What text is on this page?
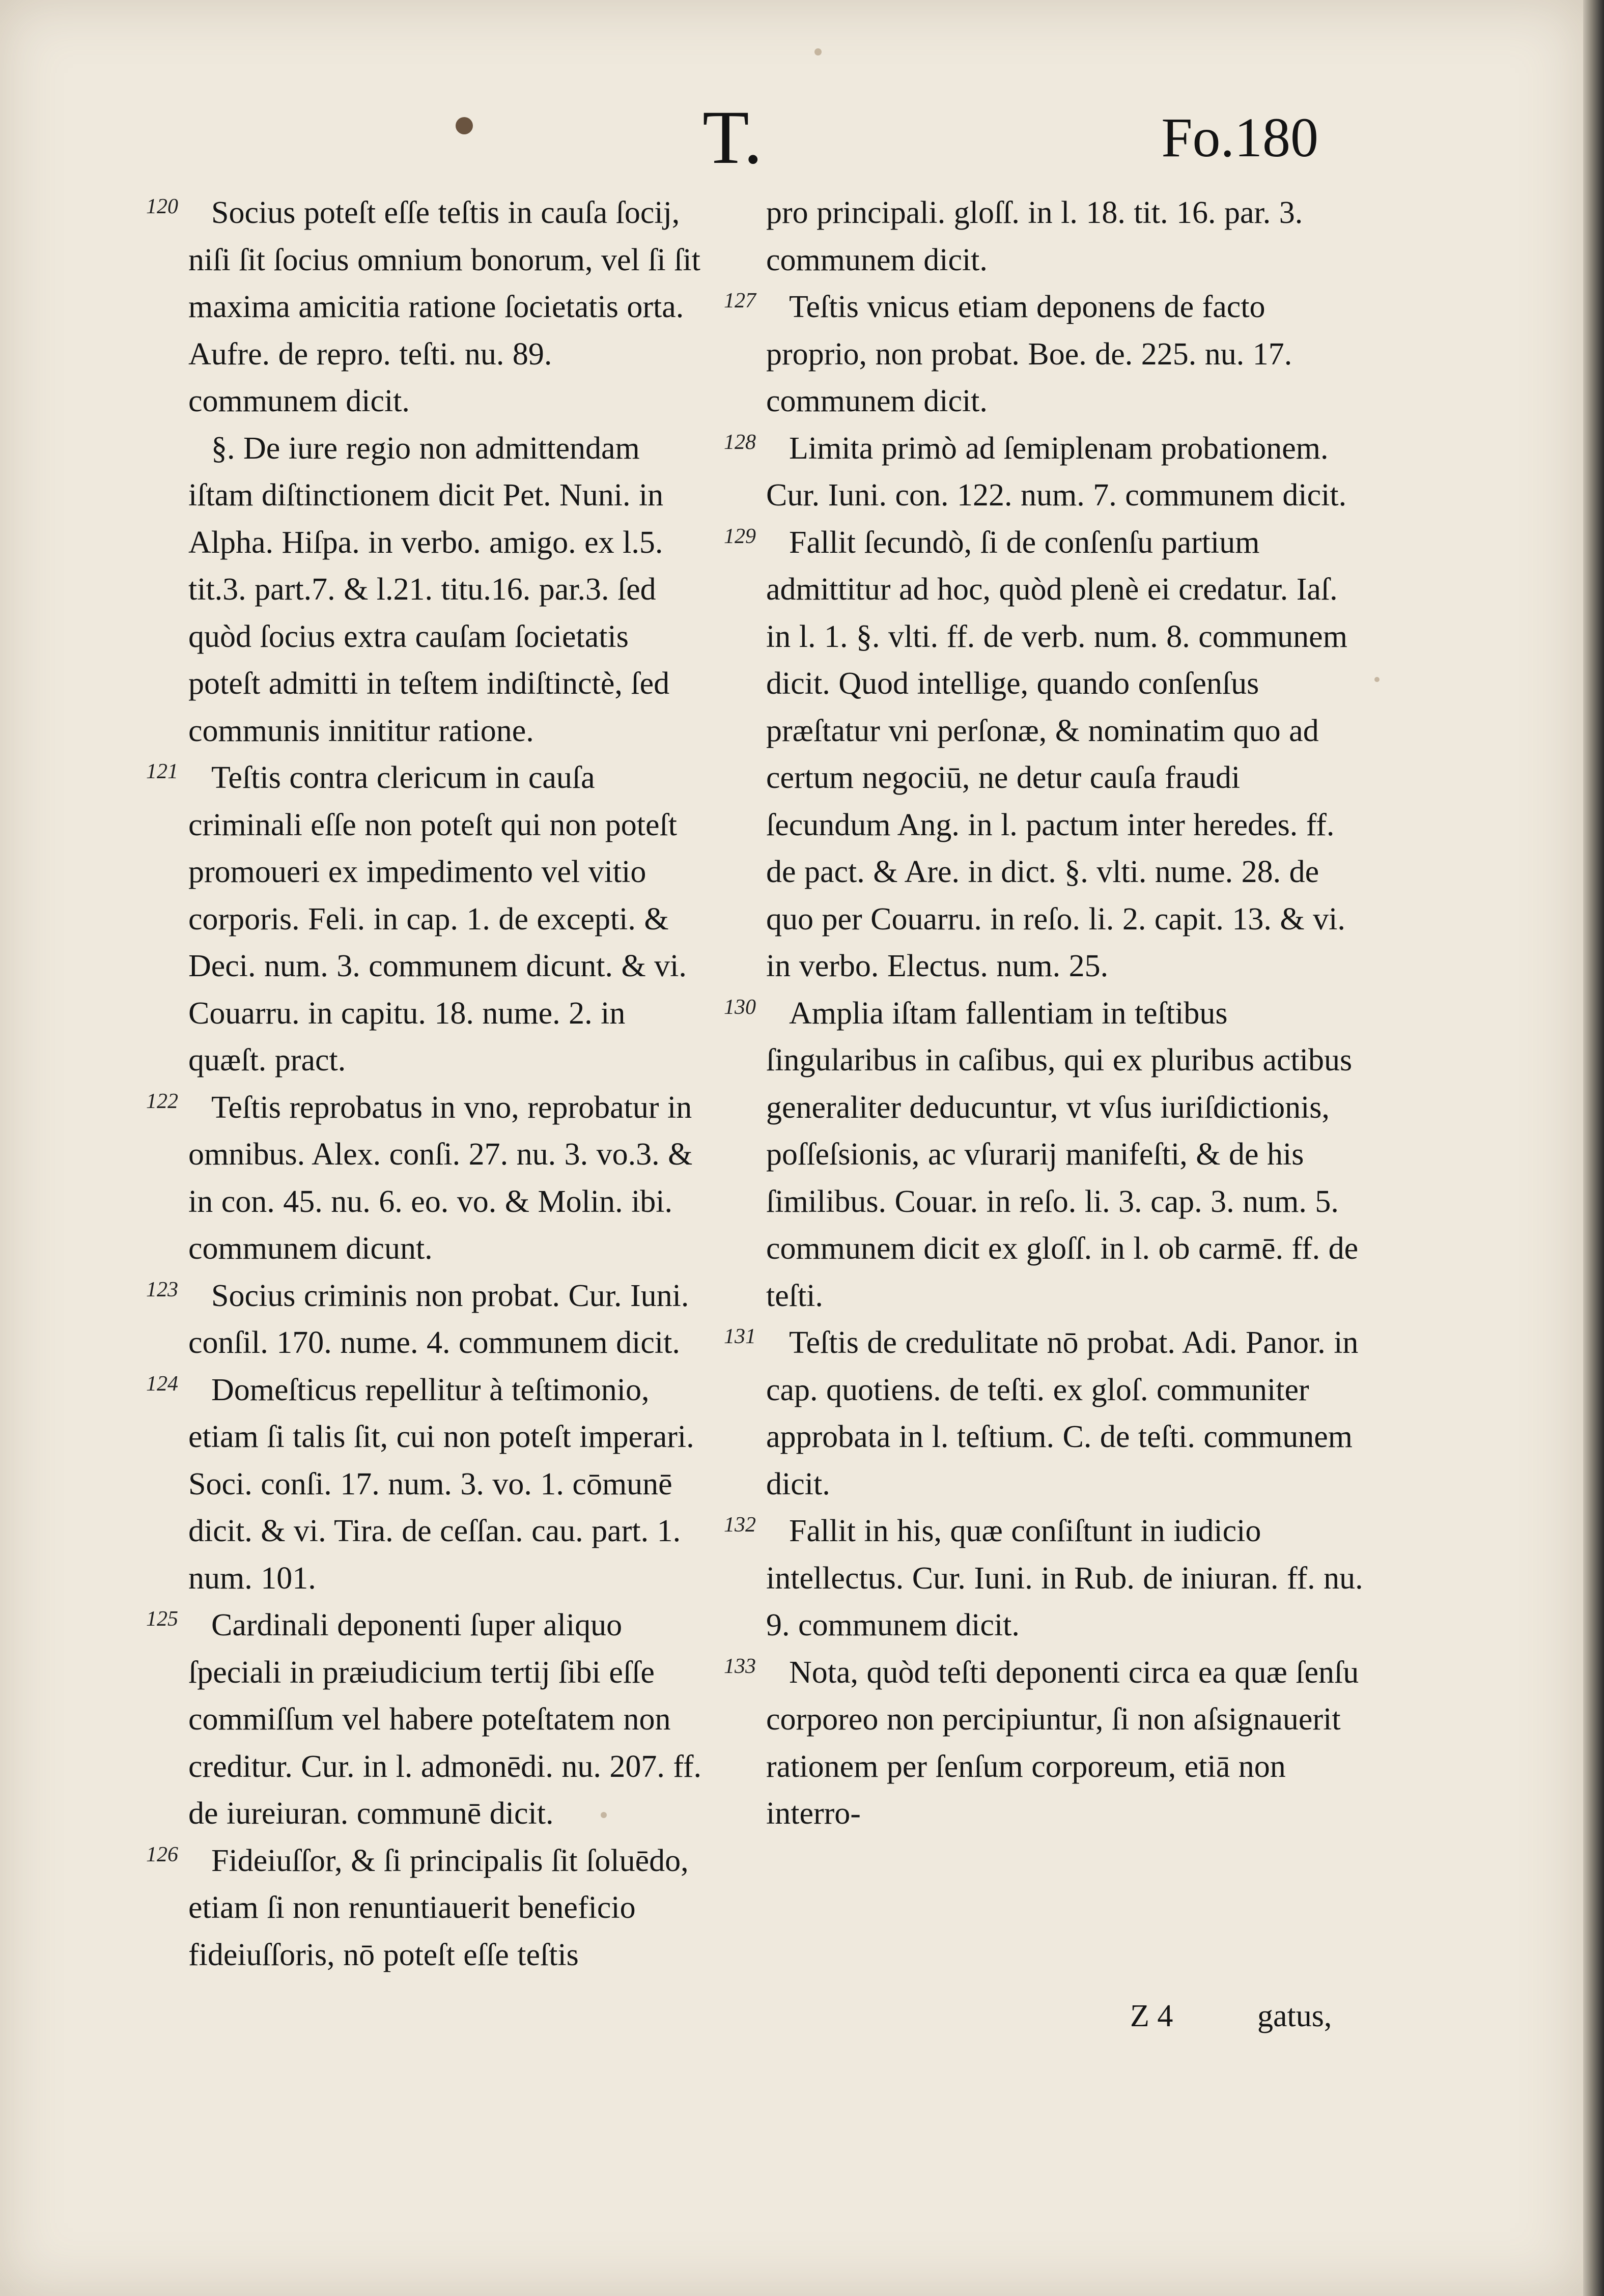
T.	Fo.180
120	Socius poteſt eſſe teſtis in cauſa ſocij, niſi ſit ſocius omnium bonorum, vel ſi ſit maxima amicitia ratione ſocietatis orta. Aufre. de repro. teſti. nu. 89. communem dicit.

§. De iure regio non admittendam iſtam diſtinctionem dicit Pet. Nuni. in Alpha. Hiſpa. in verbo. amigo. ex l.5. tit.3. part.7. & l.21. titu.16. par.3. ſed quòd ſocius extra cauſam ſocietatis poteſt admitti in teſtem indiſtinctè, ſed communis innititur ratione.

121	Teſtis contra clericum in cauſa criminali eſſe non poteſt qui non poteſt promoueri ex impedimento vel vitio corporis. Feli. in cap. 1. de excepti. & Deci. num. 3. communem dicunt. & vi. Couarru. in capitu. 18. nume. 2. in quæſt. pract.

122	Teſtis reprobatus in vno, reprobatur in omnibus. Alex. conſi. 27. nu. 3. vo.3. & in con. 45. nu. 6. eo. vo. & Molin. ibi. communem dicunt.

123	Socius criminis non probat. Cur. Iuni. conſil. 170. nume. 4. communem dicit.

124	Domeſticus repellitur à teſtimonio, etiam ſi talis ſit, cui non poteſt imperari. Soci. conſi. 17. num. 3. vo. 1. cōmunē dicit. & vi. Tira. de ceſſan. cau. part. 1. num. 101.

125	Cardinali deponenti ſuper aliquo ſpeciali in præiudicium tertij ſibi eſſe commiſſum vel habere poteſtatem non creditur. Cur. in l. admonēdi. nu. 207. ff. de iureiuran. communē dicit.

126	Fideiuſſor, & ſi principalis ſit ſoluēdo, etiam ſi non renuntiauerit beneficio fideiuſſoris, nō poteſt eſſe teſtis

pro principali. gloſſ. in l. 18. tit. 16. par. 3. communem dicit.

127	Teſtis vnicus etiam deponens de facto proprio, non probat. Boe. de. 225. nu. 17. communem dicit.

128	Limita primò ad ſemiplenam probationem. Cur. Iuni. con. 122. num. 7. communem dicit.

129	Fallit ſecundò, ſi de conſenſu partium admittitur ad hoc, quòd plenè ei credatur. Iaſ. in l. 1. §. vlti. ff. de verb. num. 8. communem dicit. Quod intellige, quando conſenſus præſtatur vni perſonæ, & nominatim quo ad certum negociū, ne detur cauſa fraudi ſecundum Ang. in l. pactum inter heredes. ff. de pact. & Are. in dict. §. vlti. nume. 28. de quo per Couarru. in reſo. li. 2. capit. 13. & vi. in verbo. Electus. num. 25.

130	Amplia iſtam fallentiam in teſtibus ſingularibus in caſibus, qui ex pluribus actibus generaliter deducuntur, vt vſus iuriſdictionis, poſſeſsionis, ac vſurarij manifeſti, & de his ſimilibus. Couar. in reſo. li. 3. cap. 3. num. 5. communem dicit ex gloſſ. in l. ob carmē. ff. de teſti.

131	Teſtis de credulitate nō probat. Adi. Panor. in cap. quotiens. de teſti. ex gloſ. communiter approbata in l. teſtium. C. de teſti. communem dicit.

132	Fallit in his, quæ conſiſtunt in iudicio intellectus. Cur. Iuni. in Rub. de iniuran. ff. nu. 9. communem dicit.

133	Nota, quòd teſti deponenti circa ea quæ ſenſu corporeo non percipiuntur, ſi non aſsignauerit rationem per ſenſum corporeum, etiā non interro-

Z 4	gatus,
